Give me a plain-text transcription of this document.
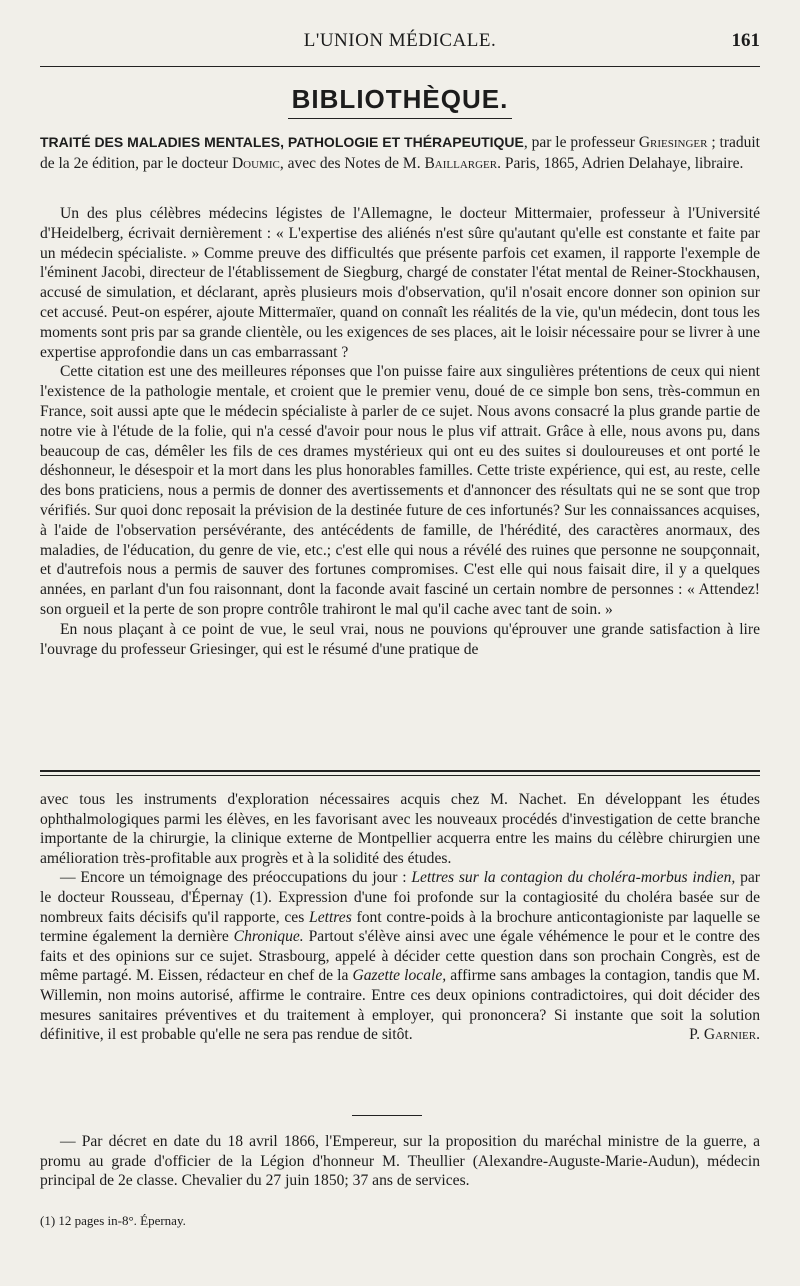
L'UNION MÉDICALE.	161
BIBLIOTHÈQUE.
TRAITÉ DES MALADIES MENTALES, PATHOLOGIE ET THÉRAPEUTIQUE, par le professeur Griesinger ; traduit de la 2e édition, par le docteur Doumic, avec des Notes de M. Baillarger. Paris, 1865, Adrien Delahaye, libraire.

Un des plus célèbres médecins légistes de l'Allemagne, le docteur Mittermaier, professeur à l'Université d'Heidelberg, écrivait dernièrement : « L'expertise des aliénés n'est sûre qu'autant qu'elle est constante et faite par un médecin spécialiste. » Comme preuve des difficultés que présente parfois cet examen, il rapporte l'exemple de l'éminent Jacobi, directeur de l'établissement de Siegburg, chargé de constater l'état mental de Reiner-Stockhausen, accusé de simulation, et déclarant, après plusieurs mois d'observation, qu'il n'osait encore donner son opinion sur cet accusé. Peut-on espérer, ajoute Mittermaïer, quand on connaît les réalités de la vie, qu'un médecin, dont tous les moments sont pris par sa grande clientèle, ou les exigences de ses places, ait le loisir nécessaire pour se livrer à une expertise approfondie dans un cas embarrassant ?

Cette citation est une des meilleures réponses que l'on puisse faire aux singulières prétentions de ceux qui nient l'existence de la pathologie mentale, et croient que le premier venu, doué de ce simple bon sens, très-commun en France, soit aussi apte que le médecin spécialiste à parler de ce sujet. Nous avons consacré la plus grande partie de notre vie à l'étude de la folie, qui n'a cessé d'avoir pour nous le plus vif attrait. Grâce à elle, nous avons pu, dans beaucoup de cas, démêler les fils de ces drames mystérieux qui ont eu des suites si douloureuses et ont porté le déshonneur, le désespoir et la mort dans les plus honorables familles. Cette triste expérience, qui est, au reste, celle des bons praticiens, nous a permis de donner des avertissements et d'annoncer des résultats qui ne se sont que trop vérifiés. Sur quoi donc reposait la prévision de la destinée future de ces infortunés? Sur les connaissances acquises, à l'aide de l'observation persévérante, des antécédents de famille, de l'hérédité, des caractères anormaux, des maladies, de l'éducation, du genre de vie, etc.; c'est elle qui nous a révélé des ruines que personne ne soupçonnait, et d'autrefois nous a permis de sauver des fortunes compromises. C'est elle qui nous faisait dire, il y a quelques années, en parlant d'un fou raisonnant, dont la faconde avait fasciné un certain nombre de personnes : « Attendez! son orgueil et la perte de son propre contrôle trahiront le mal qu'il cache avec tant de soin. »

En nous plaçant à ce point de vue, le seul vrai, nous ne pouvions qu'éprouver une grande satisfaction à lire l'ouvrage du professeur Griesinger, qui est le résumé d'une pratique de

avec tous les instruments d'exploration nécessaires acquis chez M. Nachet. En développant les études ophthalmologiques parmi les élèves, en les favorisant avec les nouveaux procédés d'investigation de cette branche importante de la chirurgie, la clinique externe de Montpellier acquerra entre les mains du célèbre chirurgien une amélioration très-profitable aux progrès et à la solidité des études.

— Encore un témoignage des préoccupations du jour : Lettres sur la contagion du choléra-morbus indien, par le docteur Rousseau, d'Épernay (1). Expression d'une foi profonde sur la contagiosité du choléra basée sur de nombreux faits décisifs qu'il rapporte, ces Lettres font contre-poids à la brochure anticontagioniste par laquelle se termine également la dernière Chronique. Partout s'élève ainsi avec une égale véhémence le pour et le contre des faits et des opinions sur ce sujet. Strasbourg, appelé à décider cette question dans son prochain Congrès, est de même partagé. M. Eissen, rédacteur en chef de la Gazette locale, affirme sans ambages la contagion, tandis que M. Willemin, non moins autorisé, affirme le contraire. Entre ces deux opinions contradictoires, qui doit décider des mesures sanitaires préventives et du traitement à employer, qui prononcera? Si instante que soit la solution définitive, il est probable qu'elle ne sera pas rendue de sitôt.	P. Garnier.

— Par décret en date du 18 avril 1866, l'Empereur, sur la proposition du maréchal ministre de la guerre, a promu au grade d'officier de la Légion d'honneur M. Theullier (Alexandre-Auguste-Marie-Audun), médecin principal de 2e classe. Chevalier du 27 juin 1850; 37 ans de services.

(1) 12 pages in-8°. Épernay.
